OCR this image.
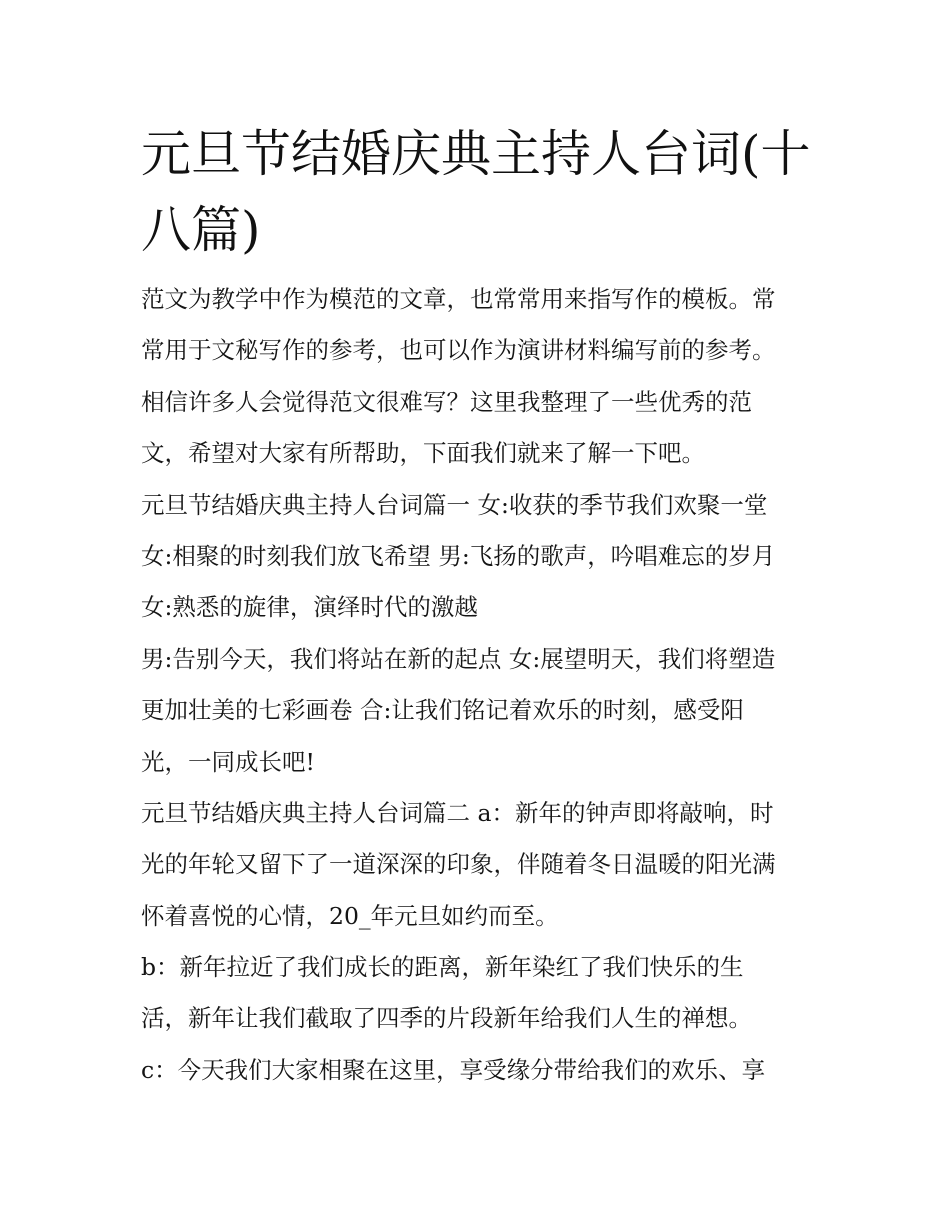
元旦节结婚庆典主持人台词(十
八篇)
范文为教学中作为模范的文章，也常常用来指写作的模板。常
常用于文秘写作的参考，也可以作为演讲材料编写前的参考。
相信许多人会觉得范文很难写？这里我整理了一些优秀的范
文，希望对大家有所帮助，下面我们就来了解一下吧。
元旦节结婚庆典主持人台词篇一 女:收获的季节我们欢聚一堂
女:相聚的时刻我们放飞希望 男:飞扬的歌声，吟唱难忘的岁月
女:熟悉的旋律，演绎时代的激越
男:告别今天，我们将站在新的起点 女:展望明天，我们将塑造
更加壮美的七彩画卷 合:让我们铭记着欢乐的时刻，感受阳
光，一同成长吧!
元旦节结婚庆典主持人台词篇二 a：新年的钟声即将敲响，时
光的年轮又留下了一道深深的印象，伴随着冬日温暖的阳光满
怀着喜悦的心情，20_年元旦如约而至。
b：新年拉近了我们成长的距离，新年染红了我们快乐的生
活，新年让我们截取了四季的片段新年给我们人生的禅想。
c：今天我们大家相聚在这里，享受缘分带给我们的欢乐、享
